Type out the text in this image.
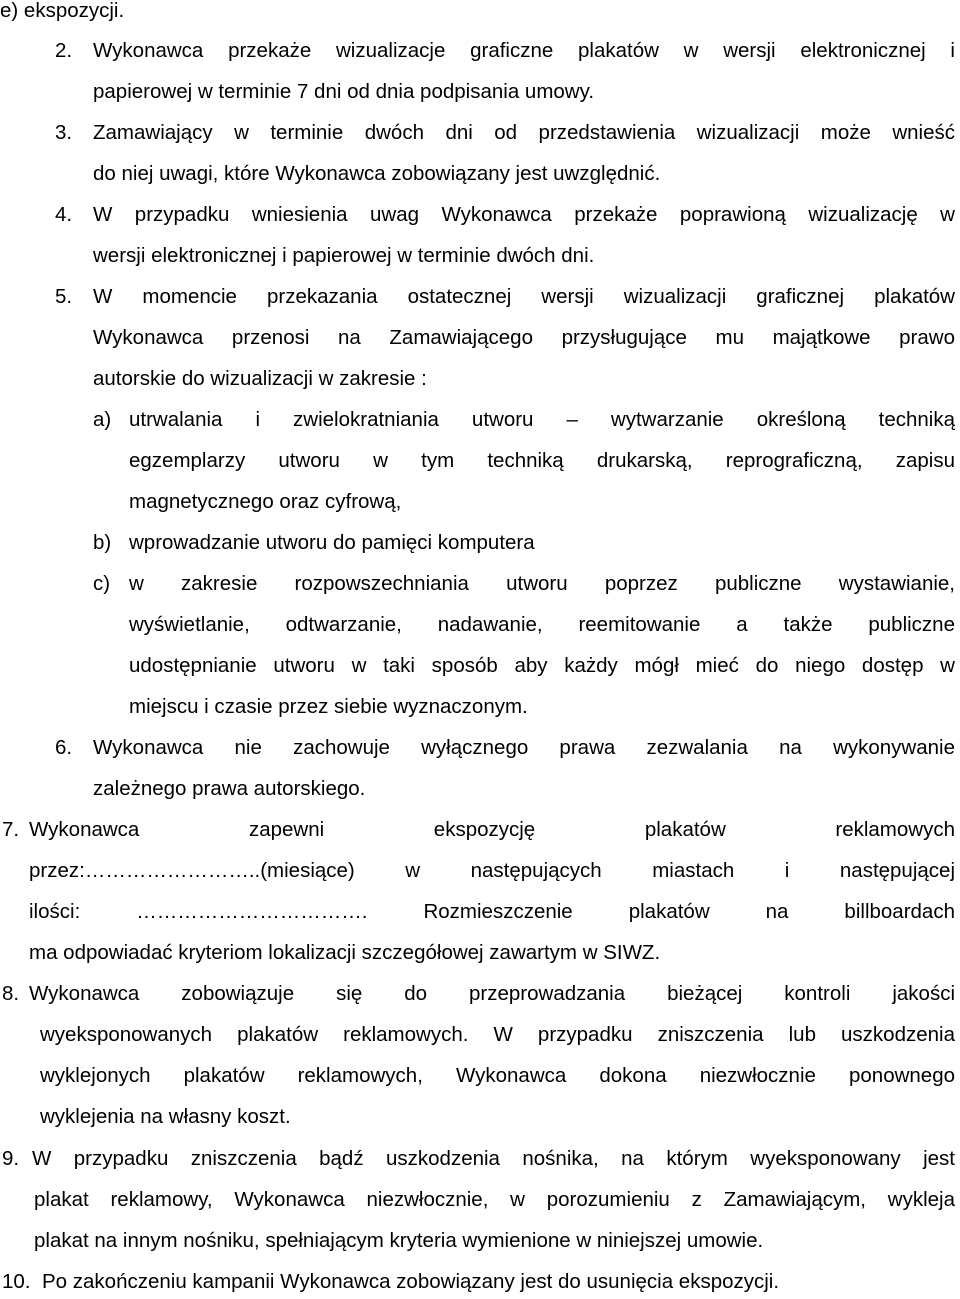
e) ekspozycji.
2. Wykonawca przekaże wizualizacje graficzne plakatów w wersji elektronicznej i
papierowej w terminie 7 dni od dnia podpisania umowy.
3. Zamawiający w terminie dwóch dni od przedstawienia wizualizacji może wnieść
do niej uwagi, które Wykonawca zobowiązany jest uwzględnić.
4. W przypadku wniesienia uwag Wykonawca przekaże poprawioną wizualizację w
wersji elektronicznej i papierowej w terminie dwóch dni.
5. W momencie przekazania ostatecznej wersji wizualizacji graficznej plakatów
Wykonawca przenosi na Zamawiającego przysługujące mu majątkowe prawo
autorskie do wizualizacji w zakresie :
a) utrwalania i zwielokratniania utworu – wytwarzanie określoną techniką
egzemplarzy utworu w tym techniką drukarską, reprograficzną, zapisu
magnetycznego oraz cyfrową,
b) wprowadzanie utworu do pamięci komputera
c) w zakresie rozpowszechniania utworu poprzez publiczne wystawianie,
wyświetlanie, odtwarzanie, nadawanie, reemitowanie a także publiczne
udostępnianie utworu w taki sposób aby każdy mógł mieć do niego dostęp w
miejscu i czasie przez siebie wyznaczonym.
6. Wykonawca nie zachowuje wyłącznego prawa zezwalania na wykonywanie
zależnego prawa autorskiego.
7. Wykonawca zapewni ekspozycję plakatów reklamowych
przez:……………………..(miesiące) w następujących miastach i następującej
ilości: ……………………………. Rozmieszczenie plakatów na billboardach
ma odpowiadać kryteriom lokalizacji szczegółowej zawartym w SIWZ.
8. Wykonawca zobowiązuje się do przeprowadzania bieżącej kontroli jakości
wyeksponowanych plakatów reklamowych. W przypadku zniszczenia lub uszkodzenia
wyklejonych plakatów reklamowych, Wykonawca dokona niezwłocznie ponownego
wyklejenia na własny koszt.
9. W przypadku zniszczenia bądź uszkodzenia nośnika, na którym wyeksponowany jest
plakat reklamowy, Wykonawca niezwłocznie, w porozumieniu z Zamawiającym, wykleja
plakat na innym nośniku, spełniającym kryteria wymienione w niniejszej umowie.
10. Po zakończeniu kampanii Wykonawca zobowiązany jest do usunięcia ekspozycji.
